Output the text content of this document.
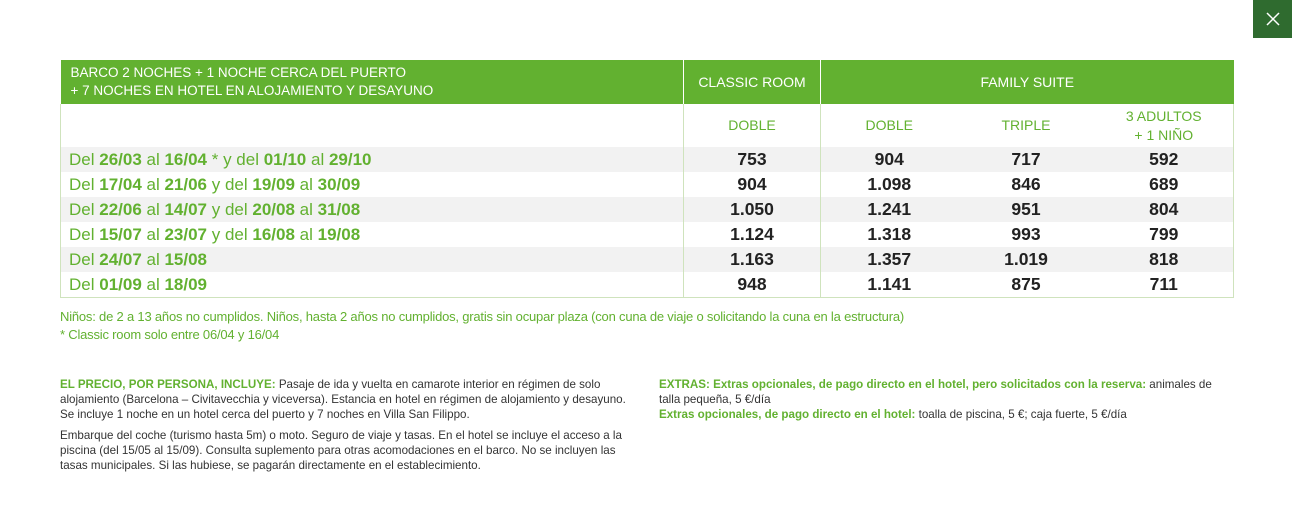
BARCO 2 NOCHES + 1 NOCHE CERCA DEL PUERTO
+ 7 NOCHES EN HOTEL EN ALOJAMIENTO Y DESAYUNO	CLASSIC ROOM	FAMILY SUITE		
	DOBLE	DOBLE	TRIPLE	3 ADULTOS
+ 1 NIÑO

Del 26/03 al 16/04 * y del 01/10 al 29/10	753	904	717	592
Del 17/04 al 21/06 y del 19/09 al 30/09	904	1.098	846	689
Del 22/06 al 14/07 y del 20/08 al 31/08	1.050	1.241	951	804
Del 15/07 al 23/07 y del 16/08 al 19/08	1.124	1.318	993	799
Del 24/07 al 15/08	1.163	1.357	1.019	818
Del 01/09 al 18/09	948	1.141	875	711
Niños: de 2 a 13 años no cumplidos. Niños, hasta 2 años no cumplidos, gratis sin ocupar plaza (con cuna de viaje o solicitando la cuna en la estructura)
* Classic room solo entre 06/04 y 16/04

EL PRECIO, POR PERSONA, INCLUYE: Pasaje de ida y vuelta en camarote interior en régimen de solo alojamiento (Barcelona – Civitavecchia y viceversa). Estancia en hotel en régimen de alojamiento y desayuno. Se incluye 1 noche en un hotel cerca del puerto y 7 noches en Villa San Filippo.

Embarque del coche (turismo hasta 5m) o moto. Seguro de viaje y tasas. En el hotel se incluye el acceso a la piscina (del 15/05 al 15/09). Consulta suplemento para otras acomodaciones en el barco. No se incluyen las tasas municipales. Si las hubiese, se pagarán directamente en el establecimiento.

EXTRAS: Extras opcionales, de pago directo en el hotel, pero solicitados con la reserva: animales de talla pequeña, 5 €/día
Extras opcionales, de pago directo en el hotel: toalla de piscina, 5 €; caja fuerte, 5 €/día
